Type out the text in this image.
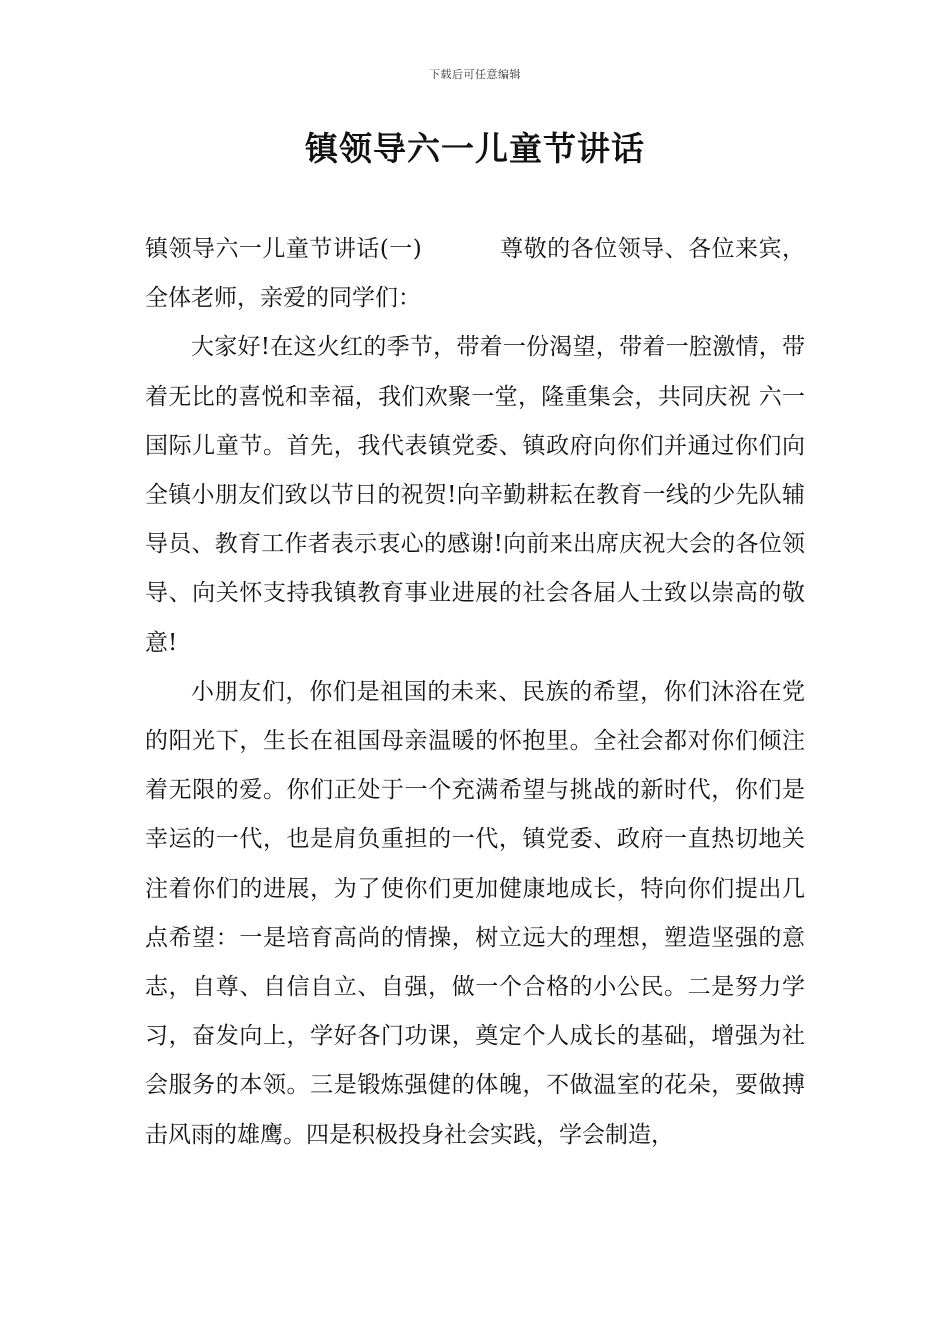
下载后可任意编辑
镇领导六一儿童节讲话

镇领导六一儿童节讲话(一)	尊敬的各位领导、各位来宾，全体老师，亲爱的同学们：

大家好!在这火红的季节，带着一份渴望，带着一腔激情，带着无比的喜悦和幸福，我们欢聚一堂，隆重集会，共同庆祝 六一国际儿童节。首先，我代表镇党委、镇政府向你们并通过你们向全镇小朋友们致以节日的祝贺!向辛勤耕耘在教育一线的少先队辅导员、教育工作者表示衷心的感谢!向前来出席庆祝大会的各位领导、向关怀支持我镇教育事业进展的社会各届人士致以崇高的敬意!

小朋友们，你们是祖国的未来、民族的希望，你们沐浴在党的阳光下，生长在祖国母亲温暖的怀抱里。全社会都对你们倾注着无限的爱。你们正处于一个充满希望与挑战的新时代，你们是幸运的一代，也是肩负重担的一代，镇党委、政府一直热切地关注着你们的进展，为了使你们更加健康地成长，特向你们提出几点希望：一是培育高尚的情操，树立远大的理想，塑造坚强的意志，自尊、自信自立、自强，做一个合格的小公民。二是努力学习，奋发向上，学好各门功课，奠定个人成长的基础，增强为社会服务的本领。三是锻炼强健的体魄，不做温室的花朵，要做搏击风雨的雄鹰。四是积极投身社会实践，学会制造，
